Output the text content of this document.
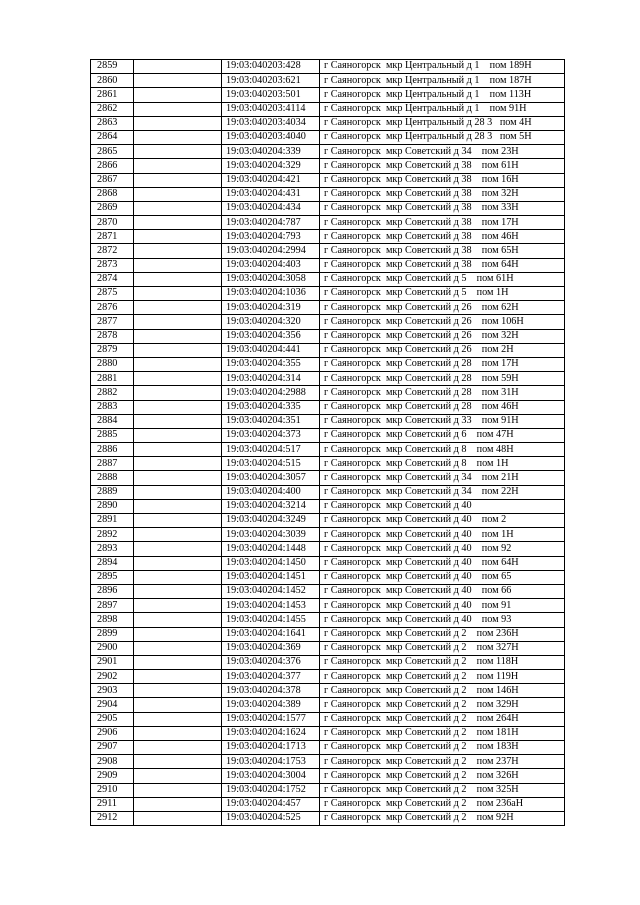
2859		19:03:040203:428	г Саяногорск  мкр Центральный д 1    пом 189Н
2860		19:03:040203:621	г Саяногорск  мкр Центральный д 1    пом 187Н
2861		19:03:040203:501	г Саяногорск  мкр Центральный д 1    пом 113Н
2862		19:03:040203:4114	г Саяногорск  мкр Центральный д 1    пом 91Н
2863		19:03:040203:4034	г Саяногорск  мкр Центральный д 28 3   пом 4Н
2864		19:03:040203:4040	г Саяногорск  мкр Центральный д 28 3   пом 5Н
2865		19:03:040204:339	г Саяногорск  мкр Советский д 34    пом 23Н
2866		19:03:040204:329	г Саяногорск  мкр Советский д 38    пом 61Н
2867		19:03:040204:421	г Саяногорск  мкр Советский д 38    пом 16Н
2868		19:03:040204:431	г Саяногорск  мкр Советский д 38    пом 32Н
2869		19:03:040204:434	г Саяногорск  мкр Советский д 38    пом 33Н
2870		19:03:040204:787	г Саяногорск  мкр Советский д 38    пом 17Н
2871		19:03:040204:793	г Саяногорск  мкр Советский д 38    пом 46Н
2872		19:03:040204:2994	г Саяногорск  мкр Советский д 38    пом 65Н
2873		19:03:040204:403	г Саяногорск  мкр Советский д 38    пом 64Н
2874		19:03:040204:3058	г Саяногорск  мкр Советский д 5    пом 61Н
2875		19:03:040204:1036	г Саяногорск  мкр Советский д 5    пом 1Н
2876		19:03:040204:319	г Саяногорск  мкр Советский д 26    пом 62Н
2877		19:03:040204:320	г Саяногорск  мкр Советский д 26    пом 106Н
2878		19:03:040204:356	г Саяногорск  мкр Советский д 26    пом 32Н
2879		19:03:040204:441	г Саяногорск  мкр Советский д 26    пом 2Н
2880		19:03:040204:355	г Саяногорск  мкр Советский д 28    пом 17Н
2881		19:03:040204:314	г Саяногорск  мкр Советский д 28    пом 59Н
2882		19:03:040204:2988	г Саяногорск  мкр Советский д 28    пом 31Н
2883		19:03:040204:335	г Саяногорск  мкр Советский д 28    пом 46Н
2884		19:03:040204:351	г Саяногорск  мкр Советский д 33    пом 91Н
2885		19:03:040204:373	г Саяногорск  мкр Советский д 6    пом 47Н
2886		19:03:040204:517	г Саяногорск  мкр Советский д 8    пом 48Н
2887		19:03:040204:515	г Саяногорск  мкр Советский д 8    пом 1Н
2888		19:03:040204:3057	г Саяногорск  мкр Советский д 34    пом 21Н
2889		19:03:040204:400	г Саяногорск  мкр Советский д 34    пом 22Н
2890		19:03:040204:3214	г Саяногорск  мкр Советский д 40
2891		19:03:040204:3249	г Саяногорск  мкр Советский д 40    пом 2
2892		19:03:040204:3039	г Саяногорск  мкр Советский д 40    пом 1Н
2893		19:03:040204:1448	г Саяногорск  мкр Советский д 40    пом 92
2894		19:03:040204:1450	г Саяногорск  мкр Советский д 40    пом 64Н
2895		19:03:040204:1451	г Саяногорск  мкр Советский д 40    пом 65
2896		19:03:040204:1452	г Саяногорск  мкр Советский д 40    пом 66
2897		19:03:040204:1453	г Саяногорск  мкр Советский д 40    пом 91
2898		19:03:040204:1455	г Саяногорск  мкр Советский д 40    пом 93
2899		19:03:040204:1641	г Саяногорск  мкр Советский д 2    пом 236Н
2900		19:03:040204:369	г Саяногорск  мкр Советский д 2    пом 327Н
2901		19:03:040204:376	г Саяногорск  мкр Советский д 2    пом 118Н
2902		19:03:040204:377	г Саяногорск  мкр Советский д 2    пом 119Н
2903		19:03:040204:378	г Саяногорск  мкр Советский д 2    пом 146Н
2904		19:03:040204:389	г Саяногорск  мкр Советский д 2    пом 329Н
2905		19:03:040204:1577	г Саяногорск  мкр Советский д 2    пом 264Н
2906		19:03:040204:1624	г Саяногорск  мкр Советский д 2    пом 181Н
2907		19:03:040204:1713	г Саяногорск  мкр Советский д 2    пом 183Н
2908		19:03:040204:1753	г Саяногорск  мкр Советский д 2    пом 237Н
2909		19:03:040204:3004	г Саяногорск  мкр Советский д 2    пом 326Н
2910		19:03:040204:1752	г Саяногорск  мкр Советский д 2    пом 325Н
2911		19:03:040204:457	г Саяногорск  мкр Советский д 2    пом 236аН
2912		19:03:040204:525	г Саяногорск  мкр Советский д 2    пом 92Н
